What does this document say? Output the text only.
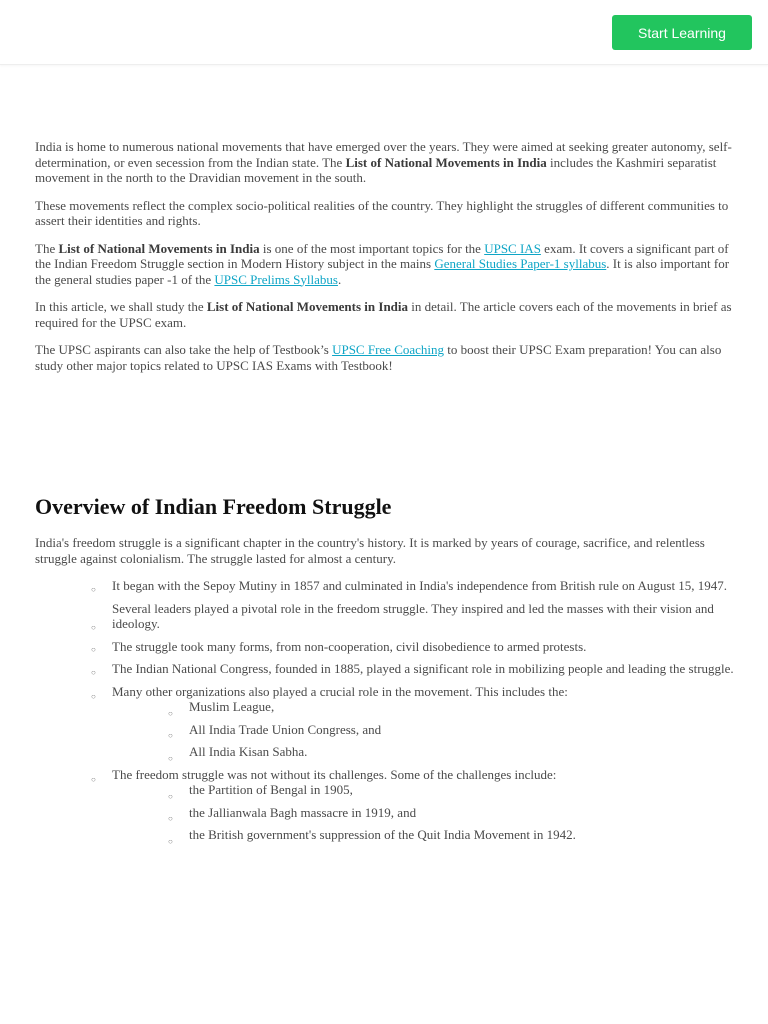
Start Learning

India is home to numerous national movements that have emerged over the years. They were aimed at seeking greater autonomy, self-determination, or even secession from the Indian state. The List of National Movements in India includes the Kashmiri separatist movement in the north to the Dravidian movement in the south.

These movements reflect the complex socio-political realities of the country. They highlight the struggles of different communities to assert their identities and rights.

The List of National Movements in India is one of the most important topics for the UPSC IAS exam. It covers a significant part of the Indian Freedom Struggle section in Modern History subject in the mains General Studies Paper-1 syllabus. It is also important for the general studies paper -1 of the UPSC Prelims Syllabus.

In this article, we shall study the List of National Movements in India in detail. The article covers each of the movements in brief as required for the UPSC exam.

The UPSC aspirants can also take the help of Testbook’s UPSC Free Coaching to boost their UPSC Exam preparation! You can also study other major topics related to UPSC IAS Exams with Testbook!

Overview of Indian Freedom Struggle

India's freedom struggle is a significant chapter in the country's history. It is marked by years of courage, sacrifice, and relentless struggle against colonialism. The struggle lasted for almost a century.

○ It began with the Sepoy Mutiny in 1857 and culminated in India's independence from British rule on August 15, 1947.
○
Several leaders played a pivotal role in the freedom struggle. They inspired and led the masses with their vision and ideology.
○ The struggle took many forms, from non-cooperation, civil disobedience to armed protests.
○ The Indian National Congress, founded in 1885, played a significant role in mobilizing people and leading the struggle.
○ Many other organizations also played a crucial role in the movement. This includes the:
○ Muslim League,
○ All India Trade Union Congress, and
○ All India Kisan Sabha.
○ The freedom struggle was not without its challenges. Some of the challenges include:
○ the Partition of Bengal in 1905,
○ the Jallianwala Bagh massacre in 1919, and
○ the British government's suppression of the Quit India Movement in 1942.
